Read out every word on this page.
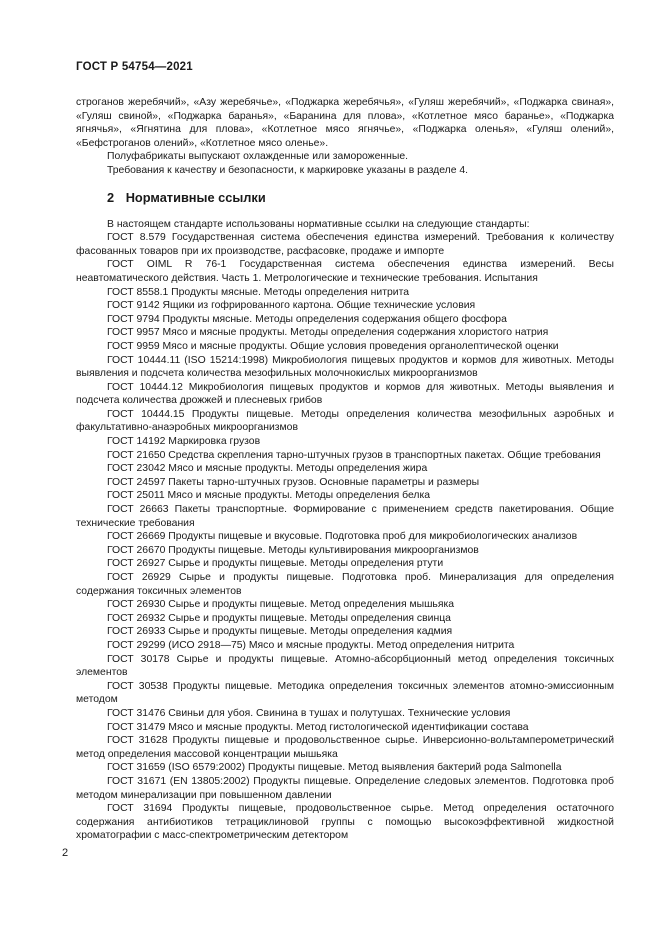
ГОСТ Р 54754—2021

строганов жеребячий», «Азу жеребячье», «Поджарка жеребячья», «Гуляш жеребячий», «Поджарка свиная», «Гуляш свиной», «Поджарка баранья», «Баранина для плова», «Котлетное мясо баранье», «Поджарка ягнячья», «Ягнятина для плова», «Котлетное мясо ягнячье», «Поджарка оленья», «Гуляш олений», «Бефстроганов олений», «Котлетное мясо оленье».

Полуфабрикаты выпускают охлажденные или замороженные.

Требования к качеству и безопасности, к маркировке указаны в разделе 4.

2 Нормативные ссылки

В настоящем стандарте использованы нормативные ссылки на следующие стандарты:

ГОСТ 8.579 Государственная система обеспечения единства измерений. Требования к количеству фасованных товаров при их производстве, расфасовке, продаже и импорте

ГОСТ OIML R 76-1 Государственная система обеспечения единства измерений. Весы неавтоматического действия. Часть 1. Метрологические и технические требования. Испытания

ГОСТ 8558.1 Продукты мясные. Методы определения нитрита

ГОСТ 9142 Ящики из гофрированного картона. Общие технические условия

ГОСТ 9794 Продукты мясные. Методы определения содержания общего фосфора

ГОСТ 9957 Мясо и мясные продукты. Методы определения содержания хлористого натрия

ГОСТ 9959 Мясо и мясные продукты. Общие условия проведения органолептической оценки

ГОСТ 10444.11 (ISO 15214:1998) Микробиология пищевых продуктов и кормов для животных. Методы выявления и подсчета количества мезофильных молочнокислых микроорганизмов

ГОСТ 10444.12 Микробиология пищевых продуктов и кормов для животных. Методы выявления и подсчета количества дрожжей и плесневых грибов

ГОСТ 10444.15 Продукты пищевые. Методы определения количества мезофильных аэробных и факультативно-анаэробных микроорганизмов

ГОСТ 14192 Маркировка грузов

ГОСТ 21650 Средства скрепления тарно-штучных грузов в транспортных пакетах. Общие требования

ГОСТ 23042 Мясо и мясные продукты. Методы определения жира

ГОСТ 24597 Пакеты тарно-штучных грузов. Основные параметры и размеры

ГОСТ 25011 Мясо и мясные продукты. Методы определения белка

ГОСТ 26663 Пакеты транспортные. Формирование с применением средств пакетирования. Общие технические требования

ГОСТ 26669 Продукты пищевые и вкусовые. Подготовка проб для микробиологических анализов

ГОСТ 26670 Продукты пищевые. Методы культивирования микроорганизмов

ГОСТ 26927 Сырье и продукты пищевые. Методы определения ртути

ГОСТ 26929 Сырье и продукты пищевые. Подготовка проб. Минерализация для определения содержания токсичных элементов

ГОСТ 26930 Сырье и продукты пищевые. Метод определения мышьяка

ГОСТ 26932 Сырье и продукты пищевые. Методы определения свинца

ГОСТ 26933 Сырье и продукты пищевые. Методы определения кадмия

ГОСТ 29299 (ИСО 2918—75) Мясо и мясные продукты. Метод определения нитрита

ГОСТ 30178 Сырье и продукты пищевые. Атомно-абсорбционный метод определения токсичных элементов

ГОСТ 30538 Продукты пищевые. Методика определения токсичных элементов атомно-эмиссионным методом

ГОСТ 31476 Свиньи для убоя. Свинина в тушах и полутушах. Технические условия

ГОСТ 31479 Мясо и мясные продукты. Метод гистологической идентификации состава

ГОСТ 31628 Продукты пищевые и продовольственное сырье. Инверсионно-вольтамперометрический метод определения массовой концентрации мышьяка

ГОСТ 31659 (ISO 6579:2002) Продукты пищевые. Метод выявления бактерий рода Salmonella

ГОСТ 31671 (EN 13805:2002) Продукты пищевые. Определение следовых элементов. Подготовка проб методом минерализации при повышенном давлении

ГОСТ 31694 Продукты пищевые, продовольственное сырье. Метод определения остаточного содержания антибиотиков тетрациклиновой группы с помощью высокоэффективной жидкостной хроматографии с масс-спектрометрическим детектором

2
